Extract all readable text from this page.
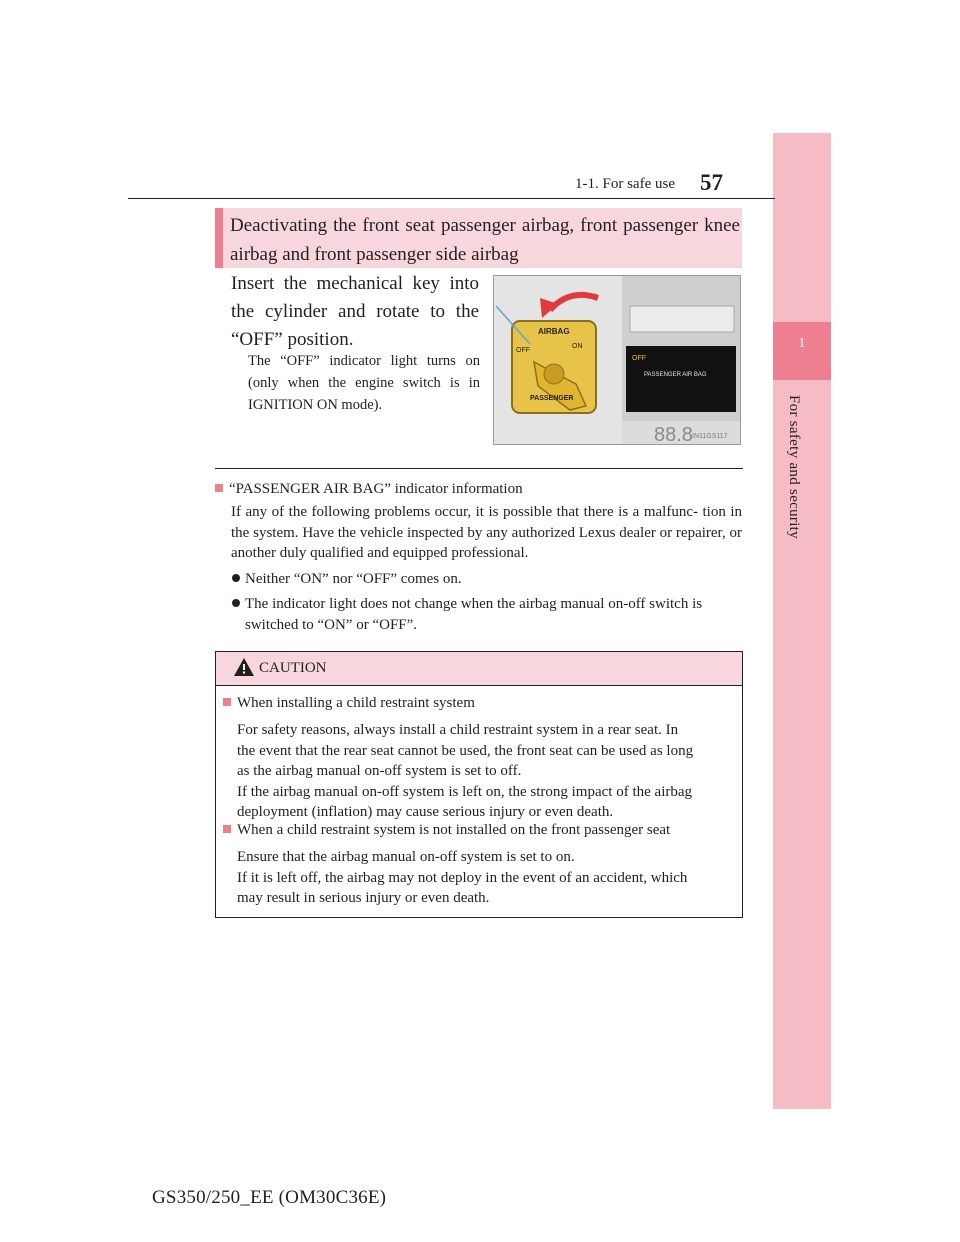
1
For safety and security
1-1. For safe use 57
Deactivating the front seat passenger airbag, front passenger knee airbag and front passenger side airbag
Insert the mechanical key into the cylinder and rotate to the “OFF” position.
The “OFF” indicator light turns on (only when the engine switch is in IGNITION ON mode).
AIRBAG
OFF
ON
PASSENGER
OFF
PASSENGER AIR BAG
88.8 IN11GS117
“PASSENGER AIR BAG” indicator information
If any of the following problems occur, it is possible that there is a malfunc- tion in the system. Have the vehicle inspected by any authorized Lexus dealer or repairer, or another duly qualified and equipped professional.
Neither “ON” nor “OFF” comes on.
The indicator light does not change when the airbag manual on-off switch is
switched to “ON” or “OFF”.
CAUTION
When installing a child restraint system
For safety reasons, always install a child restraint system in a rear seat. In
the event that the rear seat cannot be used, the front seat can be used as long
as the airbag manual on-off system is set to off.
If the airbag manual on-off system is left on, the strong impact of the airbag
deployment (inflation) may cause serious injury or even death.
When a child restraint system is not installed on the front passenger seat
Ensure that the airbag manual on-off system is set to on.
If it is left off, the airbag may not deploy in the event of an accident, which
may result in serious injury or even death.
GS350/250_EE (OM30C36E)
